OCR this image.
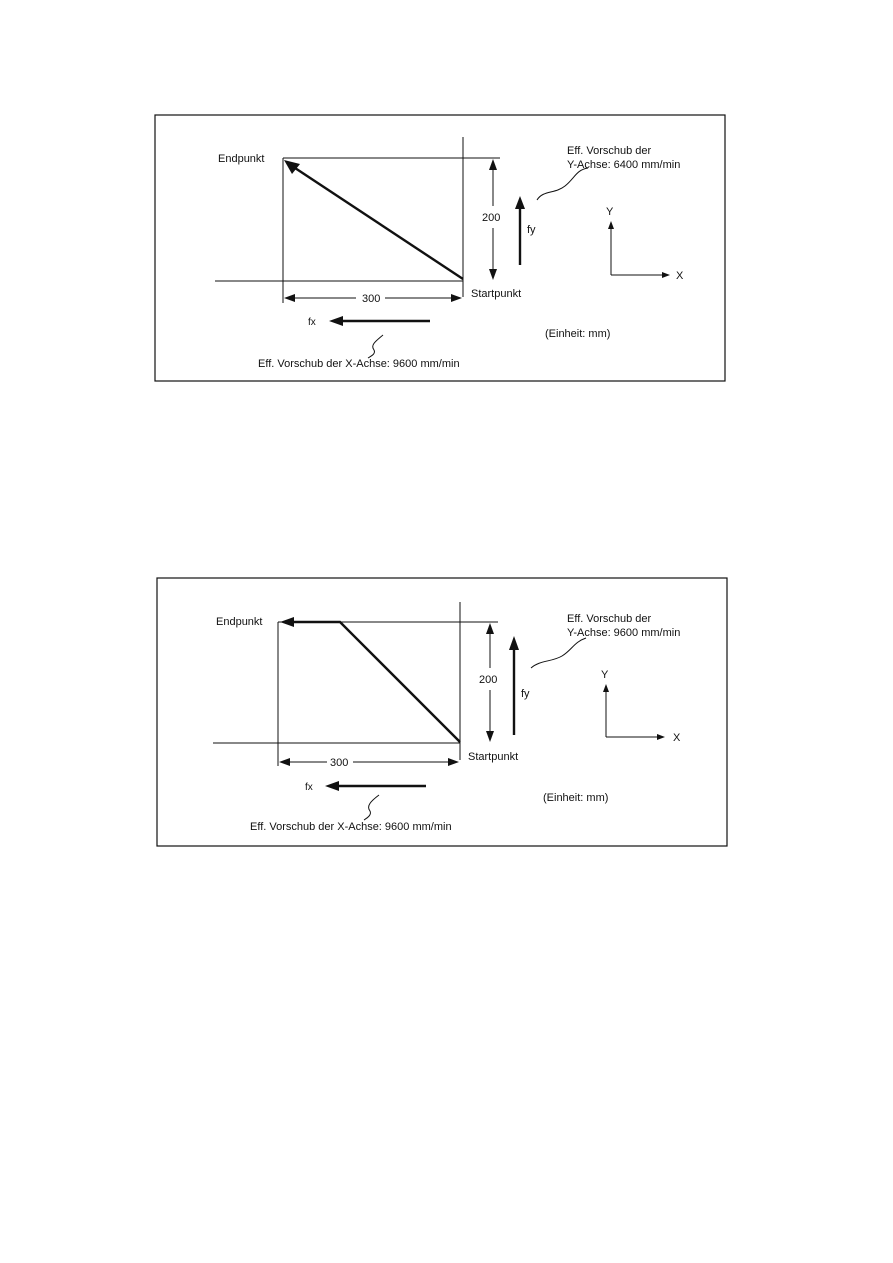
Endpunkt
Startpunkt
200
300
fy
Eff. Vorschub der
Y-Achse: 6400 mm/min
fx
Eff. Vorschub der X-Achse: 9600 mm/min
Y
X
(Einheit: mm)
Endpunkt
Startpunkt
200
300
fy
Eff. Vorschub der
Y-Achse: 9600 mm/min
fx
Eff. Vorschub der X-Achse: 9600 mm/min
Y
X
(Einheit: mm)
